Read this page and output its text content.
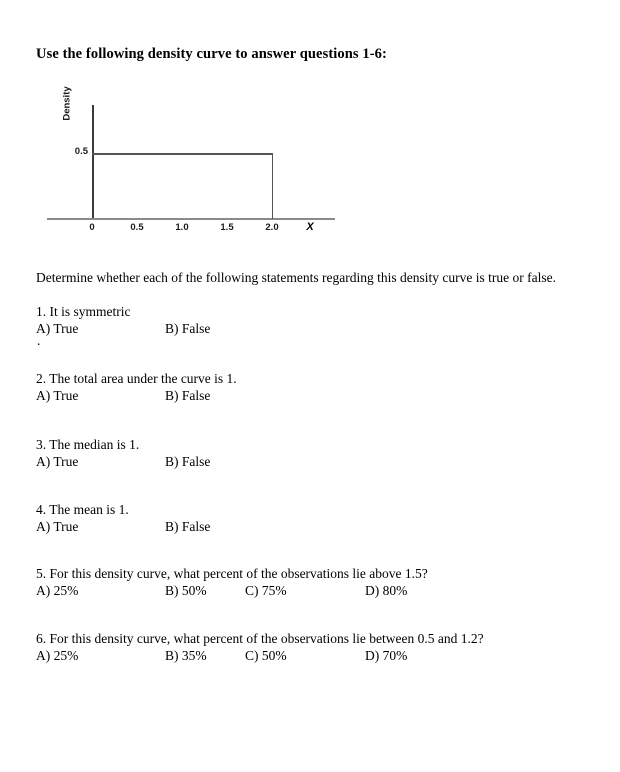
Use the following density curve to answer questions 1-6:
0.5
Density
0	0.5	1.0	1.5	2.0	X
Determine whether each of the following statements regarding this density curve is true or false.
.
1. It is symmetric
A) True	B) False
2. The total area under the curve is 1.
A) True	B) False
3. The median is 1.
A) True	B) False
4. The mean is 1.
A) True	B) False
5. For this density curve, what percent of the observations lie above 1.5?
A) 25%	B) 50%	C) 75%	D) 80%
6. For this density curve, what percent of the observations lie between 0.5 and 1.2?
A) 25%	B) 35%	C) 50%	D) 70%
